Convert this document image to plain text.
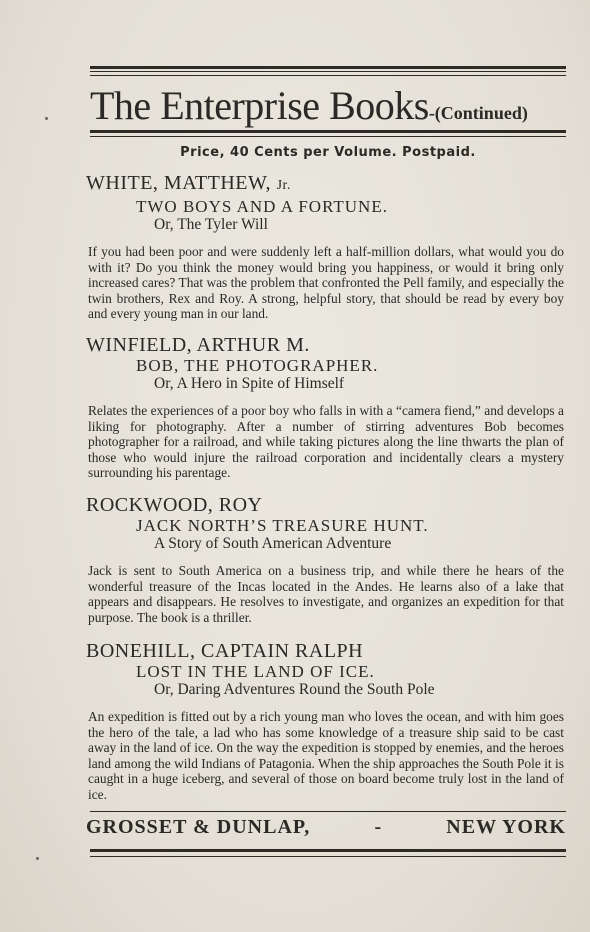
The Enterprise Books-(Continued)
Price, 40 Cents per Volume. Postpaid.
WHITE, MATTHEW, Jr.
TWO BOYS AND A FORTUNE.
Or, The Tyler Will
If you had been poor and were suddenly left a half-million dollars, what would you do with it? Do you think the money would bring you happiness, or would it bring only increased cares? That was the problem that confronted the Pell family, and especially the twin brothers, Rex and Roy. A strong, helpful story, that should be read by every boy and every young man in our land.
WINFIELD, ARTHUR M.
BOB, THE PHOTOGRAPHER.
Or, A Hero in Spite of Himself
Relates the experiences of a poor boy who falls in with a “camera fiend,” and develops a liking for photography. After a number of stirring adventures Bob becomes photographer for a railroad, and while taking pictures along the line thwarts the plan of those who would injure the railroad corporation and incidentally clears a mystery surrounding his parentage.
ROCKWOOD, ROY
JACK NORTH’S TREASURE HUNT.
A Story of South American Adventure
Jack is sent to South America on a business trip, and while there he hears of the wonderful treasure of the Incas located in the Andes. He learns also of a lake that appears and disappears. He resolves to investigate, and organizes an expedition for that purpose. The book is a thriller.
BONEHILL, CAPTAIN RALPH
LOST IN THE LAND OF ICE.
Or, Daring Adventures Round the South Pole
An expedition is fitted out by a rich young man who loves the ocean, and with him goes the hero of the tale, a lad who has some knowledge of a treasure ship said to be cast away in the land of ice. On the way the expedition is stopped by enemies, and the heroes land among the wild Indians of Patagonia. When the ship approaches the South Pole it is caught in a huge iceberg, and several of those on board become truly lost in the land of ice.
GROSSET & DUNLAP,	-	NEW YORK
